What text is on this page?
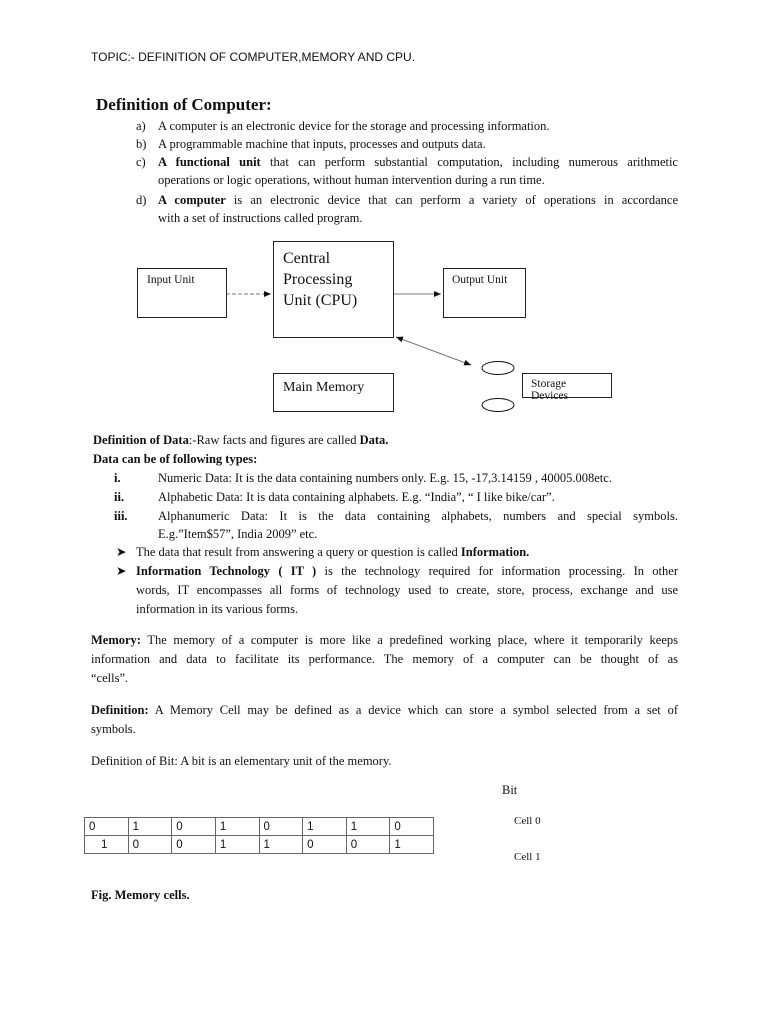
TOPIC:- DEFINITION OF COMPUTER,MEMORY AND CPU.
Definition of Computer:
a) A computer is an electronic device for the storage and processing information.
b) A programmable machine that inputs, processes and outputs data.
c) A functional unit that can perform substantial computation, including numerous arithmetic
operations or logic operations, without human intervention during a run time.
d) A computer is an electronic device that can perform a variety of operations in accordance
with a set of instructions called program.
Input Unit
Central
Processing
Unit (CPU)
Output Unit
Main Memory	Storage Devices
Definition of Data:-Raw facts and figures are called Data.
Data can be of following types:
i.	Numeric Data: It is the data containing numbers only. E.g. 15, -17,3.14159 , 40005.008etc.
ii.	Alphabetic Data: It is data containing alphabets. E.g. “India”, “ I like bike/car”.
iii. Alphanumeric Data: It is the data containing alphabets, numbers and special symbols.
E.g.”Item$57”, India 2009” etc.
➤ The data that result from answering a query or question is called Information.
➤ Information Technology ( IT ) is the technology required for information processing. In other
words, IT encompasses all forms of technology used to create, store, process, exchange and use
information in its various forms.
Memory: The memory of a computer is more like a predefined working place, where it temporarily keeps
information and data to facilitate its performance. The memory of a computer can be thought of as
“cells”.
Definition: A Memory Cell may be defined as a device which can store a symbol selected from a set of
symbols.
Definition of Bit: A bit is an elementary unit of the memory.
Bit
0	1	0	1	0	1	1	0
1	0	0	1	1	0	0	1
Cell 0
Cell 1
Fig. Memory cells.
